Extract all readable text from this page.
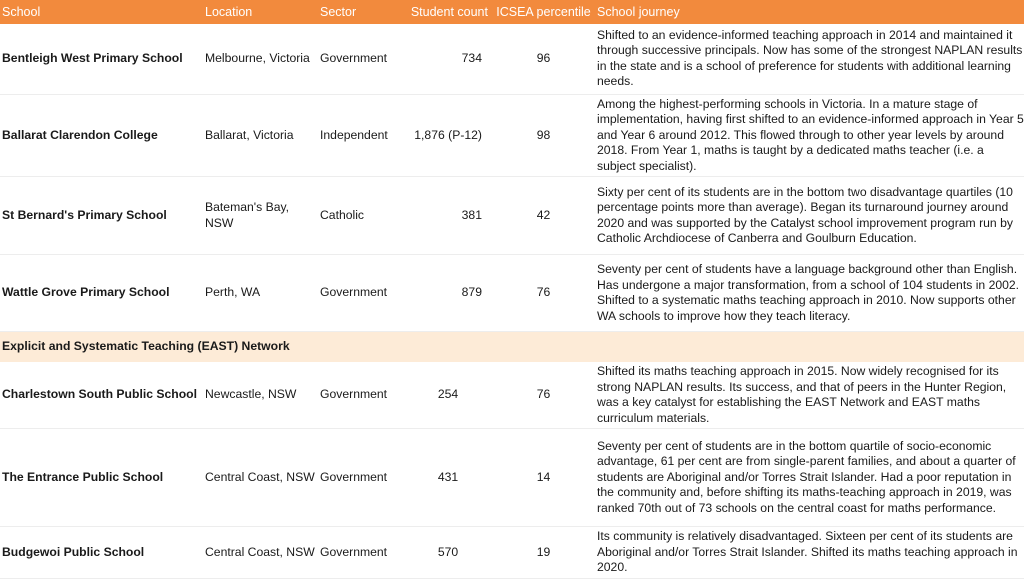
School	Location	Sector	Student count	ICSEA percentile	School journey
Bentleigh West Primary School	Melbourne, Victoria	Government	734	96	Shifted to an evidence-informed teaching approach in 2014 and maintained it through successive principals. Now has some of the strongest NAPLAN results in the state and is a school of preference for students with additional learning needs.
Ballarat Clarendon College	Ballarat, Victoria	Independent	1,876 (P-12)	98	Among the highest-performing schools in Victoria. In a mature stage of implementation, having first shifted to an evidence-informed approach in Year 5 and Year 6 around 2012. This flowed through to other year levels by around 2018. From Year 1, maths is taught by a dedicated maths teacher (i.e. a subject specialist).
St Bernard's Primary School	Bateman's Bay, NSW	Catholic	381	42	Sixty per cent of its students are in the bottom two disadvantage quartiles (10 percentage points more than average). Began its turnaround journey around 2020 and was supported by the Catalyst school improvement program run by Catholic Archdiocese of Canberra and Goulburn Education.
Wattle Grove Primary School	Perth, WA	Government	879	76	Seventy per cent of students have a language background other than English. Has undergone a major transformation, from a school of 104 students in 2002. Shifted to a systematic maths teaching approach in 2010. Now supports other WA schools to improve how they teach literacy.
Explicit and Systematic Teaching (EAST) Network					
Charlestown South Public School	Newcastle, NSW	Government	254	76	Shifted its maths teaching approach in 2015. Now widely recognised for its strong NAPLAN results. Its success, and that of peers in the Hunter Region, was a key catalyst for establishing the EAST Network and EAST maths curriculum materials.
The Entrance Public School	Central Coast, NSW	Government	431	14	Seventy per cent of students are in the bottom quartile of socio-economic advantage, 61 per cent are from single-parent families, and about a quarter of students are Aboriginal and/or Torres Strait Islander. Had a poor reputation in the community and, before shifting its maths-teaching approach in 2019, was ranked 70th out of 73 schools on the central coast for maths performance.
Budgewoi Public School	Central Coast, NSW	Government	570	19	Its community is relatively disadvantaged. Sixteen per cent of its students are Aboriginal and/or Torres Strait Islander. Shifted its maths teaching approach in 2020.
